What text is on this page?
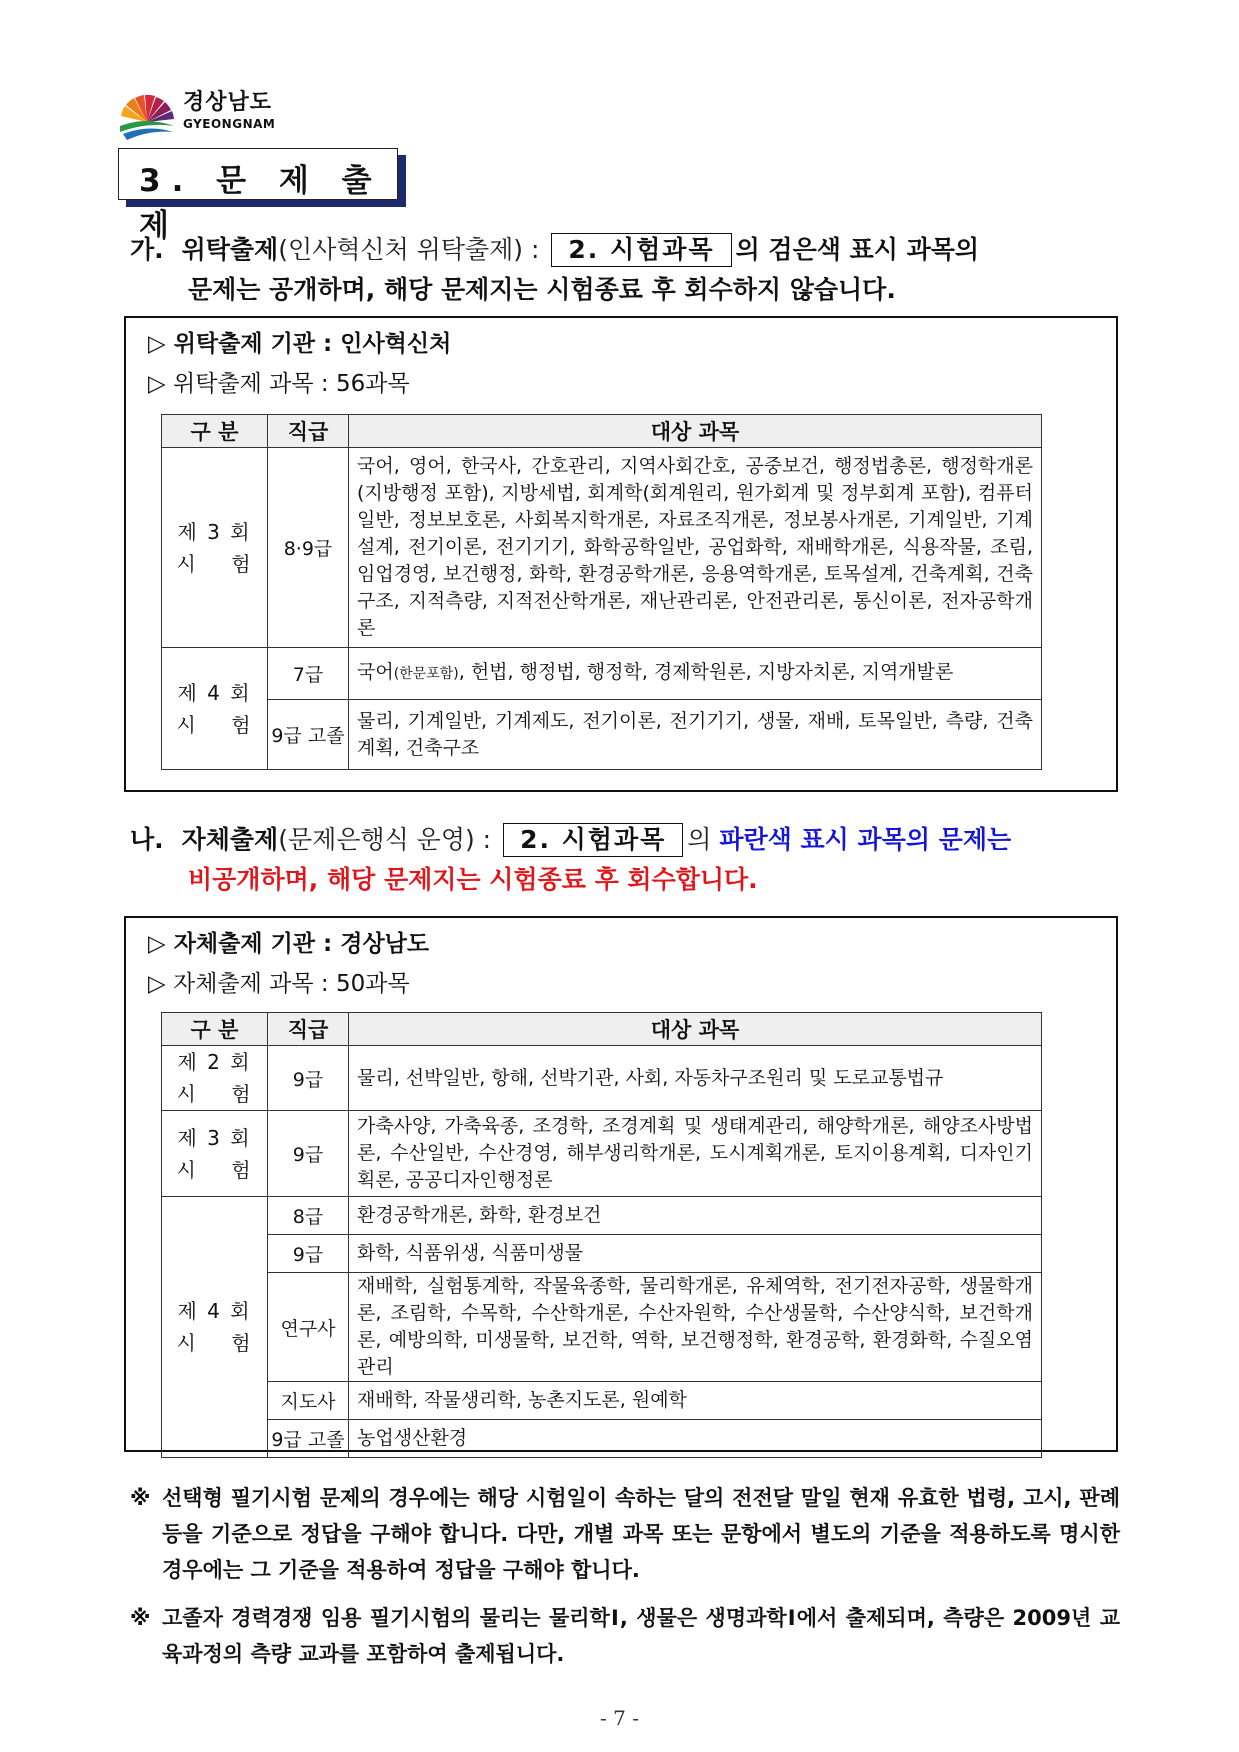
경상남도
GYEONGNAM
3. 문 제 출 제
가. 위탁출제(인사혁신처 위탁출제) : 2. 시험과목 의 검은색 표시 과목의
문제는 공개하며, 해당 문제지는 시험종료 후 회수하지 않습니다.
▷ 위탁출제 기관 : 인사혁신처
▷ 위탁출제 과목 : 56과목
구 분	직급	대상 과목
제 3 회
시    험	8·9급	국어, 영어, 한국사, 간호관리, 지역사회간호, 공중보건, 행정법총론, 행정학개론(지방행정 포함), 지방세법, 회계학(회계원리, 원가회계 및 정부회계 포함), 컴퓨터일반, 정보보호론, 사회복지학개론, 자료조직개론, 정보봉사개론, 기계일반, 기계설계, 전기이론, 전기기기, 화학공학일반, 공업화학, 재배학개론, 식용작물, 조림, 임업경영, 보건행정, 화학, 환경공학개론, 응용역학개론, 토목설계, 건축계획, 건축구조, 지적측량, 지적전산학개론, 재난관리론, 안전관리론, 통신이론, 전자공학개론
제 4 회
시    험	7급	국어(한문포함), 헌법, 행정법, 행정학, 경제학원론, 지방자치론, 지역개발론
	9급 고졸	물리, 기계일반, 기계제도, 전기이론, 전기기기, 생물, 재배, 토목일반, 측량, 건축계획, 건축구조
나. 자체출제(문제은행식 운영) : 2. 시험과목 의 파란색 표시 과목의 문제는
비공개하며, 해당 문제지는 시험종료 후 회수합니다.
▷ 자체출제 기관 : 경상남도
▷ 자체출제 과목 : 50과목
구 분	직급	대상 과목
제 2 회
시    험	9급	물리, 선박일반, 항해, 선박기관, 사회, 자동차구조원리 및 도로교통법규
제 3 회
시    험	9급	가축사양, 가축육종, 조경학, 조경계획 및 생태계관리, 해양학개론, 해양조사방법론, 수산일반, 수산경영, 해부생리학개론, 도시계획개론, 토지이용계획, 디자인기획론, 공공디자인행정론
제 4 회
시    험	8급	환경공학개론, 화학, 환경보건
	9급	화학, 식품위생, 식품미생물
	연구사	재배학, 실험통계학, 작물육종학, 물리학개론, 유체역학, 전기전자공학, 생물학개론, 조림학, 수목학, 수산학개론, 수산자원학, 수산생물학, 수산양식학, 보건학개론, 예방의학, 미생물학, 보건학, 역학, 보건행정학, 환경공학, 환경화학, 수질오염관리
	지도사	재배학, 작물생리학, 농촌지도론, 원예학
	9급 고졸	농업생산환경
※ 선택형 필기시험 문제의 경우에는 해당 시험일이 속하는 달의 전전달 말일 현재 유효한 법령, 고시, 판례 등을 기준으로 정답을 구해야 합니다. 다만, 개별 과목 또는 문항에서 별도의 기준을 적용하도록 명시한 경우에는 그 기준을 적용하여 정답을 구해야 합니다.
※ 고졸자 경력경쟁 임용 필기시험의 물리는 물리학Ⅰ, 생물은 생명과학Ⅰ에서 출제되며, 측량은 2009년 교육과정의 측량 교과를 포함하여 출제됩니다.
- 7 -
